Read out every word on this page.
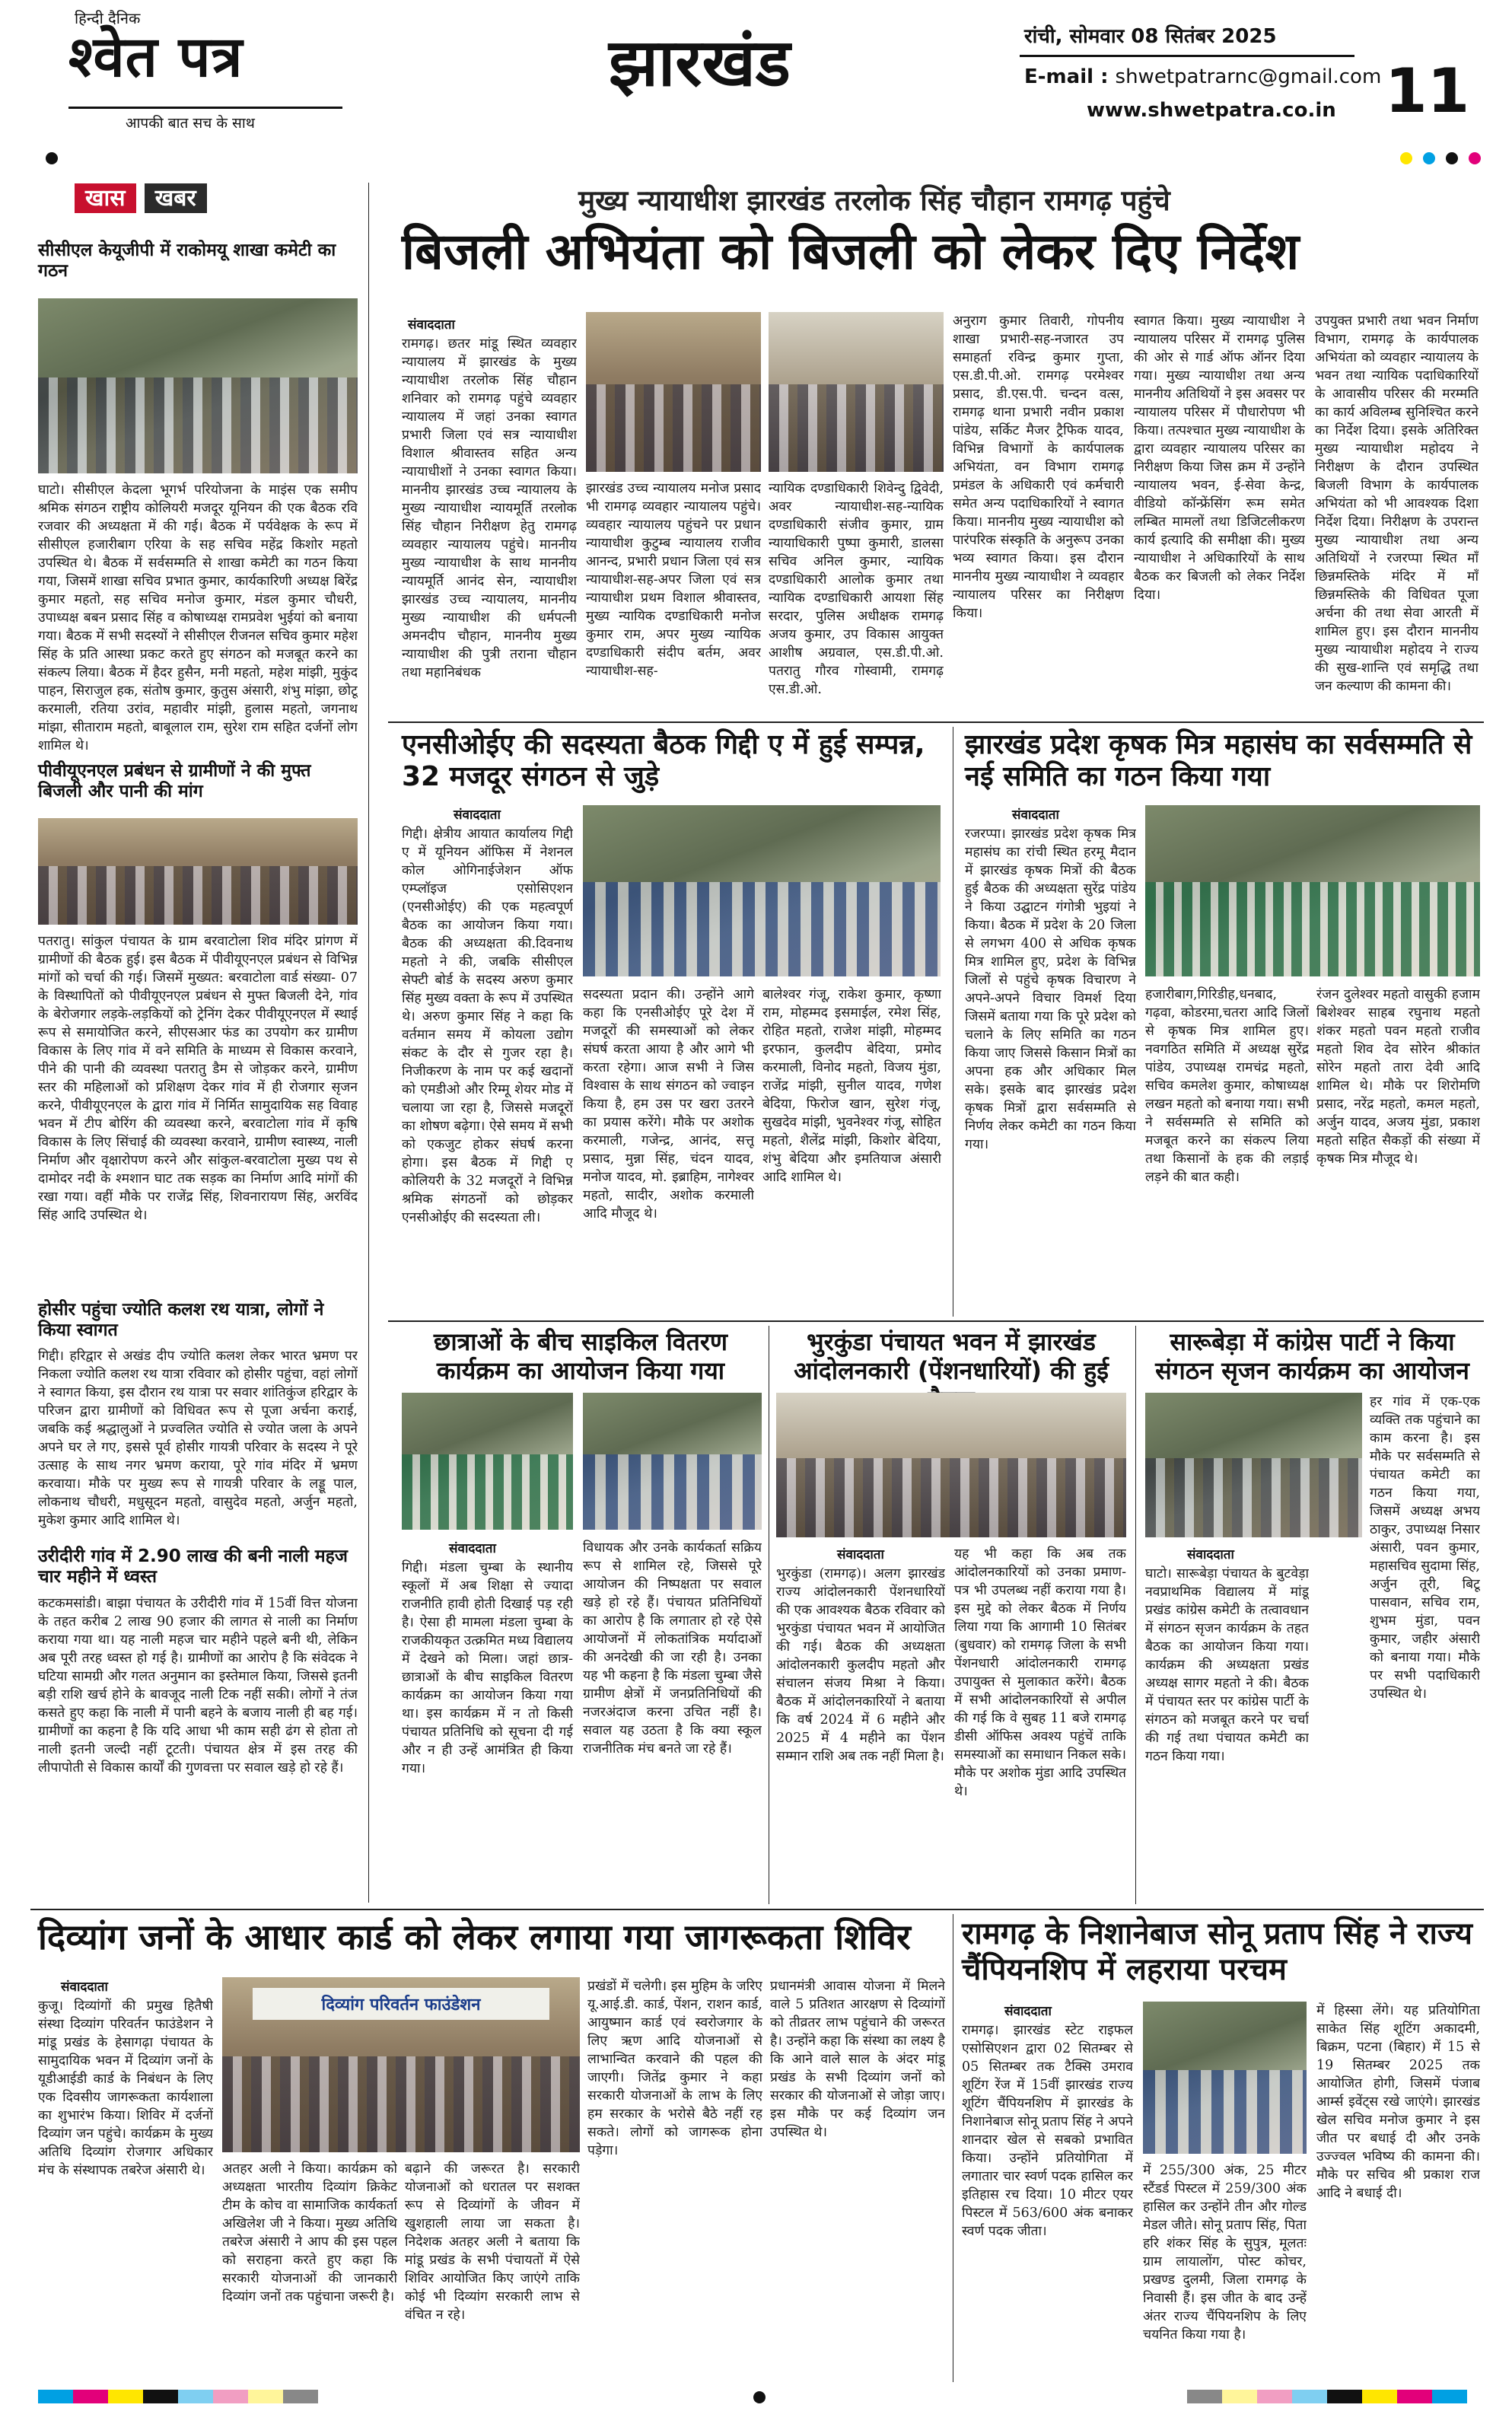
हिन्दी दैनिक
श्वेत पत्र
आपकी बात सच के साथ
झारखंड	रांची, सोमवार 08 सितंबर 2025
E-mail : shwetpatrarnc@gmail.com
www.shwetpatra.co.in 11
खास खबर
सीसीएल केयूजीपी में राकोमयू शाखा कमेटी का गठन
घाटो। सीसीएल केदला भूगर्भ परियोजना के माइंस एक समीप श्रमिक संगठन राष्ट्रीय कोलियरी मजदूर यूनियन की एक बैठक रवि रजवार की अध्यक्षता में की गई। बैठक में पर्यवेक्षक के रूप में सीसीएल हजारीबाग एरिया के सह सचिव महेंद्र किशोर महतो उपस्थित थे। बैठक में सर्वसम्मति से शाखा कमेटी का गठन किया गया, जिसमें शाखा सचिव प्रभात कुमार, कार्यकारिणी अध्यक्ष बिरेंद्र कुमार महतो, सह सचिव मनोज कुमार, मंडल कुमार चौधरी, उपाध्यक्ष बबन प्रसाद सिंह व कोषाध्यक्ष रामप्रवेश भुईयां को बनाया गया। बैठक में सभी सदस्यों ने सीसीएल रीजनल सचिव कुमार महेश सिंह के प्रति आस्था प्रकट करते हुए संगठन को मजबूत करने का संकल्प लिया। बैठक में हैदर हुसैन, मनी महतो, महेश मांझी, मुकुंद पाहन, सिराजुल हक, संतोष कुमार, कुतुस अंसारी, शंभु मांझा, छोटू करमाली, रतिया उरांव, महावीर मांझी, हुलास महतो, जगनाथ मांझा, सीताराम महतो, बाबूलाल राम, सुरेश राम सहित दर्जनों लोग शामिल थे।
पीवीयूएनएल प्रबंधन से ग्रामीणों ने की मुफ्त बिजली और पानी की मांग
पतरातु। सांकुल पंचायत के ग्राम बरवाटोला शिव मंदिर प्रांगण में ग्रामीणों की बैठक हुई। इस बैठक में पीवीयूएनएल प्रबंधन से विभिन्न मांगों को चर्चा की गई। जिसमें मुख्यत: बरवाटोला वार्ड संख्या- 07 के विस्थापितों को पीवीयूएनएल प्रबंधन से मुफ्त बिजली देने, गांव के बेरोजगार लड़के-लड़कियों को ट्रेनिंग देकर पीवीयूएनएल में स्थाई रूप से समायोजित करने, सीएसआर फंड का उपयोग कर ग्रामीण विकास के लिए गांव में वने समिति के माध्यम से विकास करवाने, पीने की पानी की व्यवस्था पतरातु डैम से जोड़कर करने, ग्रामीण स्तर की महिलाओं को प्रशिक्षण देकर गांव में ही रोजगार सृजन करने, पीवीयूएनएल के द्वारा गांव में निर्मित सामुदायिक सह विवाह भवन में टीप बोरिंग की व्यवस्था करने, बरवाटोला गांव में कृषि विकास के लिए सिंचाई की व्यवस्था करवाने, ग्रामीण स्वास्थ्य, नाली निर्माण और वृक्षारोपण करने और सांकुल-बरवाटोला मुख्य पथ से दामोदर नदी के श्मशान घाट तक सड़क का निर्माण आदि मांगों की रखा गया। वहीं मौके पर राजेंद्र सिंह, शिवनारायण सिंह, अरविंद सिंह आदि उपस्थित थे।
होसीर पहुंचा ज्योति कलश रथ यात्रा, लोगों ने किया स्वागत
गिद्दी। हरिद्वार से अखंड दीप ज्योति कलश लेकर भारत भ्रमण पर निकला ज्योति कलश रथ यात्रा रविवार को होसीर पहुंचा, वहां लोगों ने स्वागत किया, इस दौरान रथ यात्रा पर सवार शांतिकुंज हरिद्वार के परिजन द्वारा ग्रामीणों को विधिवत रूप से पूजा अर्चना कराई, जबकि कई श्रद्धालुओं ने प्रज्वलित ज्योति से ज्योत जला के अपने अपने घर ले गए, इससे पूर्व होसीर गायत्री परिवार के सदस्य ने पूरे उत्साह के साथ नगर भ्रमण कराया, पूरे गांव मंदिर में भ्रमण करवाया। मौके पर मुख्य रूप से गायत्री परिवार के लड्डू पाल, लोकनाथ चौधरी, मधुसूदन महतो, वासुदेव महतो, अर्जुन महतो, मुकेश कुमार आदि शामिल थे।
उरीदीरी गांव में 2.90 लाख की बनी नाली महज चार महीने में ध्वस्त
कटकमसांडी। बाझा पंचायत के उरीदीरी गांव में 15वीं वित्त योजना के तहत करीब 2 लाख 90 हजार की लागत से नाली का निर्माण कराया गया था। यह नाली महज चार महीने पहले बनी थी, लेकिन अब पूरी तरह ध्वस्त हो गई है। ग्रामीणों का आरोप है कि संवेदक ने घटिया सामग्री और गलत अनुमान का इस्तेमाल किया, जिससे इतनी बड़ी राशि खर्च होने के बावजूद नाली टिक नहीं सकी। लोगों ने तंज कसते हुए कहा कि नाली में पानी बहने के बजाय नाली ही बह गई। ग्रामीणों का कहना है कि यदि आधा भी काम सही ढंग से होता तो नाली इतनी जल्दी नहीं टूटती। पंचायत क्षेत्र में इस तरह की लीपापोती से विकास कार्यों की गुणवत्ता पर सवाल खड़े हो रहे हैं।
मुख्य न्यायाधीश झारखंड तरलोक सिंह चौहान रामगढ़ पहुंचे
बिजली अभियंता को बिजली को लेकर दिए निर्देश
संवाददाता
रामगढ़। छतर मांडू स्थित व्यवहार न्यायालय में झारखंड के मुख्य न्यायाधीश तरलोक सिंह चौहान शनिवार को रामगढ़ पहुंचे व्यवहार न्यायालय में जहां उनका स्वागत प्रभारी जिला एवं सत्र न्यायाधीश विशाल श्रीवास्तव सहित अन्य न्यायाधीशों ने उनका स्वागत किया। माननीय झारखंड उच्च न्यायालय के मुख्य न्यायाधीश न्यायमूर्ति तरलोक सिंह चौहान निरीक्षण हेतु रामगढ़ व्यवहार न्यायालय पहुंचे। माननीय मुख्य न्यायाधीश के साथ माननीय न्यायमूर्ति आनंद सेन, न्यायाधीश झारखंड उच्च न्यायालय, माननीय मुख्य न्यायाधीश की धर्मपत्नी अमनदीप चौहान, माननीय मुख्य न्यायाधीश की पुत्री तराना चौहान तथा महानिबंधक
झारखंड उच्च न्यायालय मनोज प्रसाद भी रामगढ़ व्यवहार न्यायालय पहुंचे। व्यवहार न्यायालय पहुंचने पर प्रधान न्यायाधीश कुटुम्ब न्यायालय राजीव आनन्द, प्रभारी प्रधान जिला एवं सत्र न्यायाधीश-सह-अपर जिला एवं सत्र न्यायाधीश प्रथम विशाल श्रीवास्तव, मुख्य न्यायिक दण्डाधिकारी मनोज कुमार राम, अपर मुख्य न्यायिक दण्डाधिकारी संदीप बर्तम, अवर न्यायाधीश-सह-
न्यायिक दण्डाधिकारी शिवेन्दु द्विवेदी, अवर न्यायाधीश-सह-न्यायिक दण्डाधिकारी संजीव कुमार, ग्राम न्यायाधिकारी पुष्पा कुमारी, डालसा सचिव अनिल कुमार, न्यायिक दण्डाधिकारी आलोक कुमार तथा न्यायिक दण्डाधिकारी आयशा सिंह सरदार, पुलिस अधीक्षक रामगढ़ अजय कुमार, उप विकास आयुक्त आशीष अग्रवाल, एस.डी.पी.ओ. पतरातु गौरव गोस्वामी, रामगढ़ एस.डी.ओ.
अनुराग कुमार तिवारी, गोपनीय शाखा प्रभारी-सह-नजारत उप समाहर्ता रविन्द्र कुमार गुप्ता, एस.डी.पी.ओ. रामगढ़ परमेश्वर प्रसाद, डी.एस.पी. चन्दन वत्स, रामगढ़ थाना प्रभारी नवीन प्रकाश पांडेय, सर्किट मैजर ट्रैफिक यादव, विभिन्न विभागों के कार्यपालक अभियंता, वन विभाग रामगढ़ प्रमंडल के अधिकारी एवं कर्मचारी समेत अन्य पदाधिकारियों ने स्वागत किया। माननीय मुख्य न्यायाधीश को पारंपरिक संस्कृति के अनुरूप उनका भव्य स्वागत किया। इस दौरान माननीय मुख्य न्यायाधीश ने व्यवहार न्यायालय परिसर का निरीक्षण किया।
स्वागत किया। मुख्य न्यायाधीश ने न्यायालय परिसर में रामगढ़ पुलिस की ओर से गार्ड ऑफ ऑनर दिया गया। मुख्य न्यायाधीश तथा अन्य माननीय अतिथियों ने इस अवसर पर न्यायालय परिसर में पौधारोपण भी किया। तत्पश्चात मुख्य न्यायाधीश के द्वारा व्यवहार न्यायालय परिसर का निरीक्षण किया जिस क्रम में उन्होंने न्यायालय भवन, ई-सेवा केन्द्र, वीडियो कॉन्फ्रेंसिंग रूम समेत लम्बित मामलों तथा डिजिटलीकरण कार्य इत्यादि की समीक्षा की। मुख्य न्यायाधीश ने अधिकारियों के साथ बैठक कर बिजली को लेकर निर्देश दिया।
उपयुक्त प्रभारी तथा भवन निर्माण विभाग, रामगढ़ के कार्यपालक अभियंता को व्यवहार न्यायालय के भवन तथा न्यायिक पदाधिकारियों के आवासीय परिसर की मरम्मति का कार्य अविलम्ब सुनिश्चित करने का निर्देश दिया। इसके अतिरिक्त मुख्य न्यायाधीश महोदय ने निरीक्षण के दौरान उपस्थित बिजली विभाग के कार्यपालक अभियंता को भी आवश्यक दिशा निर्देश दिया। निरीक्षण के उपरान्त मुख्य न्यायाधीश तथा अन्य अतिथियों ने रजरप्पा स्थित माँ छिन्नमस्तिके मंदिर में माँ छिन्नमस्तिके की विधिवत पूजा अर्चना की तथा सेवा आरती में शामिल हुए। इस दौरान माननीय मुख्य न्यायाधीश महोदय ने राज्य की सुख-शान्ति एवं समृद्धि तथा जन कल्याण की कामना की।
एनसीओईए की सदस्यता बैठक गिद्दी ए में हुई सम्पन्न, 32 मजदूर संगठन से जुड़े
संवाददाता
गिद्दी। क्षेत्रीय आयात कार्यालय गिद्दी ए में यूनियन ऑफिस में नेशनल कोल ओगिनाईजेशन ऑफ एम्प्लॉइज एसोसिएशन (एनसीओईए) की एक महत्वपूर्ण बैठक का आयोजन किया गया। बैठक की अध्यक्षता की.दिवनाथ महतो ने की, जबकि सीसीएल सेफ्टी बोर्ड के सदस्य अरुण कुमार सिंह मुख्य वक्ता के रूप में उपस्थित थे। अरुण कुमार सिंह ने कहा कि वर्तमान समय में कोयला उद्योग संकट के दौर से गुजर रहा है। निजीकरण के नाम पर कई खदानों को एमडीओ और रिम्मू शेयर मोड में चलाया जा रहा है, जिससे मजदूरों का शोषण बढ़ेगा। ऐसे समय में सभी को एकजुट होकर संघर्ष करना होगा। इस बैठक में गिद्दी ए कोलियरी के 32 मजदूरों ने विभिन्न श्रमिक संगठनों को छोड़कर एनसीओईए की सदस्यता ली।
सदस्यता प्रदान की। उन्होंने आगे कहा कि एनसीओईए पूरे देश में मजदूरों की समस्याओं को लेकर संघर्ष करता आया है और आगे भी करता रहेगा। आज सभी ने जिस विश्वास के साथ संगठन को ज्वाइन किया है, हम उस पर खरा उतरने का प्रयास करेंगे। मौके पर अशोक करमाली, गजेन्द्र, आनंद, सत्तू प्रसाद, मुन्ना सिंह, चंदन यादव, मनोज यादव, मो. इब्राहिम, नागेश्वर महतो, सादीर, अशोक करमाली आदि मौजूद थे।
बालेश्वर गंजू, राकेश कुमार, कृष्णा राम, मोहम्मद इसमाईल, रमेश सिंह, रोहित महतो, राजेश मांझी, मोहम्मद इरफान, कुलदीप बेदिया, प्रमोद करमाली, विनोद महतो, विजय मुंडा, राजेंद्र मांझी, सुनील यादव, गणेश बेदिया, फिरोज खान, सुरेश गंजू, सुखदेव मांझी, भुवनेश्वर गंजू, सोहित महतो, शैलेंद्र मांझी, किशोर बेदिया, शंभु बेदिया और इमतियाज अंसारी आदि शामिल थे।
झारखंड प्रदेश कृषक मित्र महासंघ का सर्वसम्मति से नई समिति का गठन किया गया
संवाददाता
रजरप्पा। झारखंड प्रदेश कृषक मित्र महासंघ का रांची स्थित हरमू मैदान में झारखंड कृषक मित्रों की बैठक हुई बैठक की अध्यक्षता सुरेंद्र पांडेय ने किया उद्घाटन गंगोत्री भुइयां ने किया। बैठक में प्रदेश के 20 जिला से लगभग 400 से अधिक कृषक मित्र शामिल हुए, प्रदेश के विभिन्न जिलों से पहुंचे कृषक विचारण ने अपने-अपने विचार विमर्श दिया जिसमें बताया गया कि पूरे प्रदेश को चलाने के लिए समिति का गठन किया जाए जिससे किसान मित्रों का अपना हक और अधिकार मिल सके। इसके बाद झारखंड प्रदेश कृषक मित्रों द्वारा सर्वसम्मति से निर्णय लेकर कमेटी का गठन किया गया।
हजारीबाग,गिरिडीह,धनबाद, गढ़वा, कोडरमा,चतरा आदि जिलों से कृषक मित्र शामिल हुए। नवगठित समिति में अध्यक्ष सुरेंद्र पांडेय, उपाध्यक्ष रामचंद्र महतो, सचिव कमलेश कुमार, कोषाध्यक्ष लखन महतो को बनाया गया। सभी ने सर्वसम्मति से समिति को मजबूत करने का संकल्प लिया तथा किसानों के हक की लड़ाई लड़ने की बात कही।
रंजन दुलेश्वर महतो वासुकी हजाम बिशेश्वर साहब रघुनाथ महतो शंकर महतो पवन महतो राजीव महतो शिव देव सोरेन श्रीकांत सोरेन महतो तारा देवी आदि शामिल थे। मौके पर शिरोमणि प्रसाद, नरेंद्र महतो, कमल महतो, अर्जुन यादव, अजय मुंडा, प्रकाश महतो सहित सैकड़ों की संख्या में कृषक मित्र मौजूद थे।
छात्राओं के बीच साइकिल वितरण कार्यक्रम का आयोजन किया गया
संवाददाता
गिद्दी। मंडला चुम्बा के स्थानीय स्कूलों में अब शिक्षा से ज्यादा राजनीति हावी होती दिखाई पड़ रही है। ऐसा ही मामला मंडला चुम्बा के राजकीयकृत उत्क्रमित मध्य विद्यालय में देखने को मिला। जहां छात्र-छात्राओं के बीच साइकिल वितरण कार्यक्रम का आयोजन किया गया था। इस कार्यक्रम में न तो किसी पंचायत प्रतिनिधि को सूचना दी गई और न ही उन्हें आमंत्रित ही किया गया।
विधायक और उनके कार्यकर्ता सक्रिय रूप से शामिल रहे, जिससे पूरे आयोजन की निष्पक्षता पर सवाल खड़े हो रहे हैं। पंचायत प्रतिनिधियों का आरोप है कि लगातार हो रहे ऐसे आयोजनों में लोकतांत्रिक मर्यादाओं की अनदेखी की जा रही है। उनका यह भी कहना है कि मंडला चुम्बा जैसे ग्रामीण क्षेत्रों में जनप्रतिनिधियों की नजरअंदाज करना उचित नहीं है। सवाल यह उठता है कि क्या स्कूल राजनीतिक मंच बनते जा रहे हैं।
भुरकुंडा पंचायत भवन में झारखंड आंदोलनकारी (पेंशनधारियों) की हुई
संवाददाता
भुरकुंडा (रामगढ़)। अलग झारखंड राज्य आंदोलनकारी पेंशनधारियों की एक आवश्यक बैठक रविवार को भुरकुंडा पंचायत भवन में आयोजित की गई। बैठक की अध्यक्षता आंदोलनकारी कुलदीप महतो और संचालन संजय मिश्रा ने किया। बैठक में आंदोलनकारियों ने बताया कि वर्ष 2024 में 6 महीने और 2025 में 4 महीने का पेंशन सम्मान राशि अब तक नहीं मिला है।
यह भी कहा कि अब तक आंदोलनकारियों को उनका प्रमाण-पत्र भी उपलब्ध नहीं कराया गया है। इस मुद्दे को लेकर बैठक में निर्णय लिया गया कि आगामी 10 सितंबर (बुधवार) को रामगढ़ जिला के सभी पेंशनधारी आंदोलनकारी रामगढ़ उपायुक्त से मुलाकात करेंगे। बैठक में सभी आंदोलनकारियों से अपील की गई कि वे सुबह 11 बजे रामगढ़ डीसी ऑफिस अवश्य पहुंचें ताकि समस्याओं का समाधान निकल सके। मौके पर अशोक मुंडा आदि उपस्थित थे।
सारूबेड़ा में कांग्रेस पार्टी ने किया संगठन सृजन कार्यक्रम का आयोजन
संवाददाता
घाटो। सारूबेड़ा पंचायत के बुटवेड़ा नवप्राथमिक विद्यालय में मांडू प्रखंड कांग्रेस कमेटी के तत्वावधान में संगठन सृजन कार्यक्रम के तहत बैठक का आयोजन किया गया। कार्यक्रम की अध्यक्षता प्रखंड अध्यक्ष सागर महतो ने की। बैठक में पंचायत स्तर पर कांग्रेस पार्टी के संगठन को मजबूत करने पर चर्चा की गई तथा पंचायत कमेटी का गठन किया गया।
हर गांव में एक-एक व्यक्ति तक पहुंचाने का काम करना है। इस मौके पर सर्वसम्मति से पंचायत कमेटी का गठन किया गया, जिसमें अध्यक्ष अभय ठाकुर, उपाध्यक्ष निसार अंसारी, पवन कुमार, महासचिव सुदामा सिंह, अर्जुन तूरी, बिटू पासवान, सचिव राम, शुभम मुंडा, पवन कुमार, जहीर अंसारी को बनाया गया। मौके पर सभी पदाधिकारी उपस्थित थे।
दिव्यांग जनों के आधार कार्ड को लेकर लगाया गया जागरूकता शिविर
संवाददाता
कुजू। दिव्यांगों की प्रमुख हितैषी संस्था दिव्यांग परिवर्तन फाउंडेशन ने मांडू प्रखंड के हेसागढ़ा पंचायत के सामुदायिक भवन में दिव्यांग जनों के यूडीआईडी कार्ड के निबंधन के लिए एक दिवसीय जागरूकता कार्यशाला का शुभारंभ किया। शिविर में दर्जनों दिव्यांग जन पहुंचे। कार्यक्रम के मुख्य अतिथि दिव्यांग रोजगार अधिकार मंच के संस्थापक तबरेज अंसारी थे।
दिव्यांग परिवर्तन फाउंडेशन
अतहर अली ने किया। कार्यक्रम को अध्यक्षता भारतीय दिव्यांग क्रिकेट टीम के कोच वा सामाजिक कार्यकर्ता अखिलेश जी ने किया। मुख्य अतिथि तबरेज अंसारी ने आप की इस पहल को सराहना करते हुए कहा कि सरकारी योजनाओं की जानकारी दिव्यांग जनों तक पहुंचाना जरूरी है।
बढ़ाने की जरूरत है। सरकारी योजनाओं को धरातल पर सशक्त रूप से दिव्यांगों के जीवन में खुशहाली लाया जा सकता है। निदेशक अतहर अली ने बताया कि मांडू प्रखंड के सभी पंचायतों में ऐसे शिविर आयोजित किए जाएंगे ताकि कोई भी दिव्यांग सरकारी लाभ से वंचित न रहे।
प्रखंडों में चलेगी। इस मुहिम के जरिए यू.आई.डी. कार्ड, पेंशन, राशन कार्ड, आयुष्मान कार्ड एवं स्वरोजगार के लिए ऋण आदि योजनाओं से लाभान्वित करवाने की पहल की जाएगी। जितेंद्र कुमार ने कहा सरकारी योजनाओं के लाभ के लिए हम सरकार के भरोसे बैठे नहीं रह सकते। लोगों को जागरूक होना पड़ेगा।
प्रधानमंत्री आवास योजना में मिलने वाले 5 प्रतिशत आरक्षण से दिव्यांगों को तीव्रतर लाभ पहुंचाने की जरूरत है। उन्होंने कहा कि संस्था का लक्ष्य है कि आने वाले साल के अंदर मांडू प्रखंड के सभी दिव्यांग जनों को सरकार की योजनाओं से जोड़ा जाए। इस मौके पर कई दिव्यांग जन उपस्थित थे।
रामगढ़ के निशानेबाज सोनू प्रताप सिंह ने राज्य चैंपियनशिप में लहराया परचम
संवाददाता
रामगढ़। झारखंड स्टेट राइफल एसोसिएशन द्वारा 02 सितम्बर से 05 सितम्बर तक टैक्सि उमराव शूटिंग रेंज में 15वीं झारखंड राज्य शूटिंग चैंपियनशिप में झारखंड के निशानेबाज सोनू प्रताप सिंह ने अपने शानदार खेल से सबको प्रभावित किया। उन्होंने प्रतियोगिता में लगातार चार स्वर्ण पदक हासिल कर इतिहास रच दिया। 10 मीटर एयर पिस्टल में 563/600 अंक बनाकर स्वर्ण पदक जीता।
में 255/300 अंक, 25 मीटर स्टैंडर्ड पिस्टल में 259/300 अंक हासिल कर उन्होंने तीन और गोल्ड मेडल जीते। सोनू प्रताप सिंह, पिता हरि शंकर सिंह के सुपुत्र, मूलतः ग्राम लायालोंग, पोस्ट कोचर, प्रखण्ड दुलमी, जिला रामगढ़ के निवासी हैं। इस जीत के बाद उन्हें अंतर राज्य चैंपियनशिप के लिए चयनित किया गया है।
में हिस्सा लेंगे। यह प्रतियोगिता साकेत सिंह शूटिंग अकादमी, बिक्रम, पटना (बिहार) में 15 से 19 सितम्बर 2025 तक आयोजित होगी, जिसमें पंजाब आर्म्स इवेंट्स रखे जाएंगे। झारखंड खेल सचिव मनोज कुमार ने इस जीत पर बधाई दी और उनके उज्ज्वल भविष्य की कामना की। मौके पर सचिव श्री प्रकाश राज आदि ने बधाई दी।
